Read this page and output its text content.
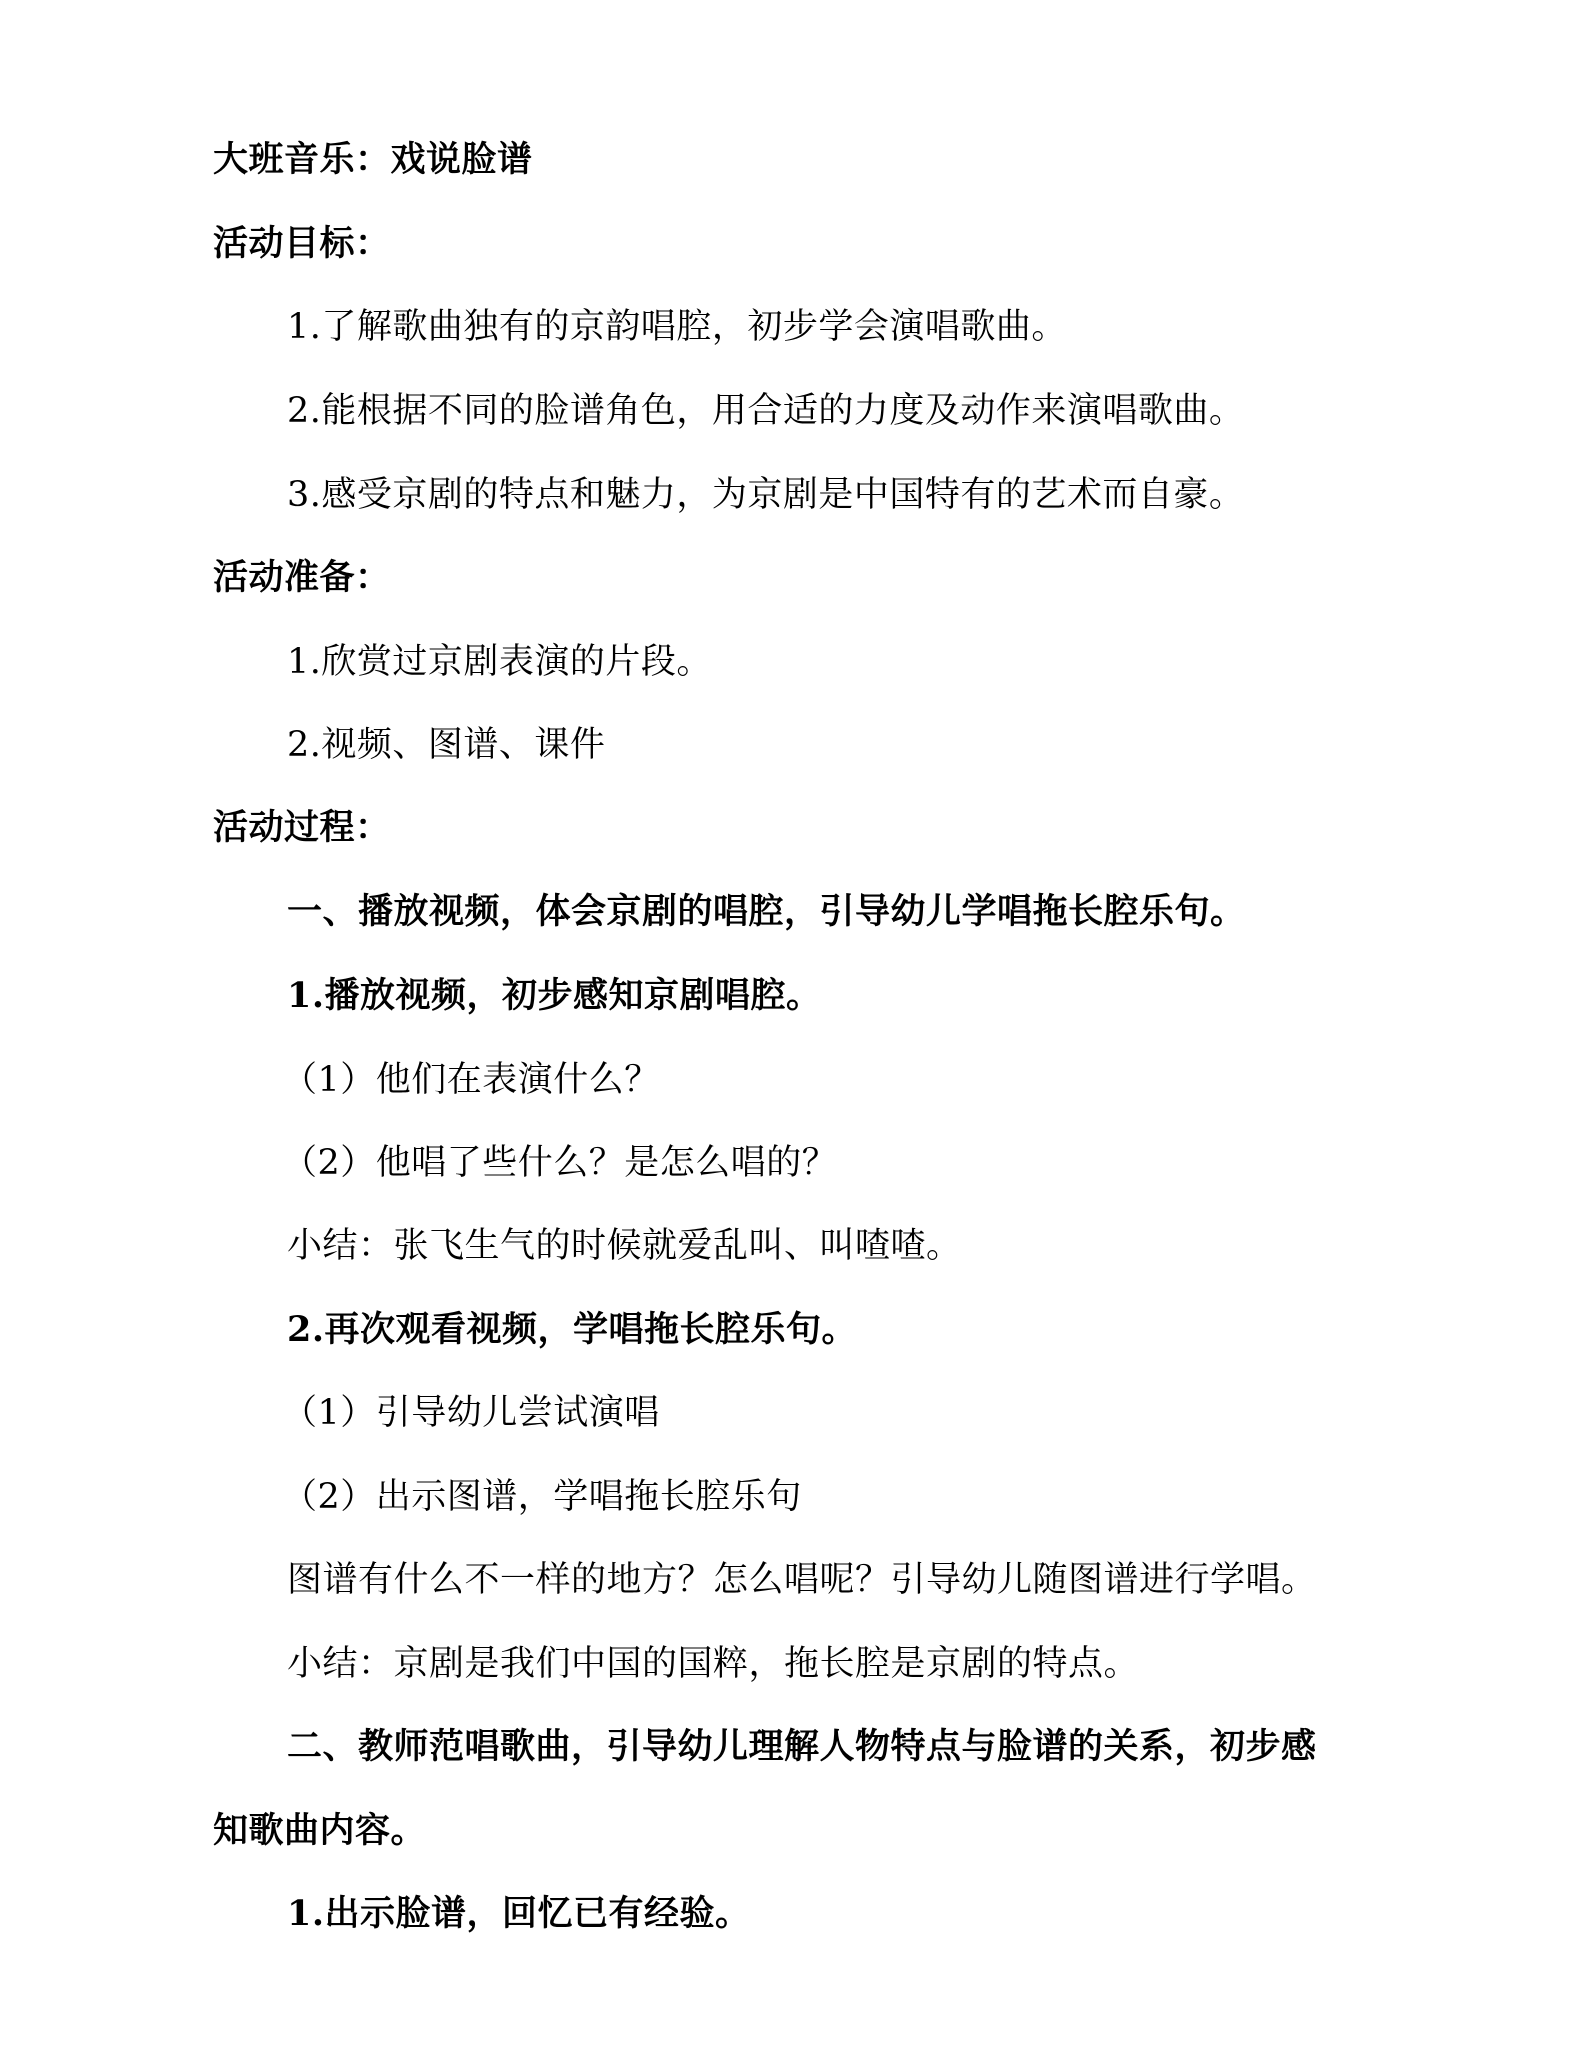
大班音乐：戏说脸谱
活动目标：
1.了解歌曲独有的京韵唱腔，初步学会演唱歌曲。
2.能根据不同的脸谱角色，用合适的力度及动作来演唱歌曲。
3.感受京剧的特点和魅力，为京剧是中国特有的艺术而自豪。
活动准备：
1.欣赏过京剧表演的片段。
2.视频、图谱、课件
活动过程：
一、播放视频，体会京剧的唱腔，引导幼儿学唱拖长腔乐句。
1.播放视频，初步感知京剧唱腔。
（1）他们在表演什么？
（2）他唱了些什么？是怎么唱的？
小结：张飞生气的时候就爱乱叫、叫喳喳。
2.再次观看视频，学唱拖长腔乐句。
（1）引导幼儿尝试演唱
（2）出示图谱，学唱拖长腔乐句
图谱有什么不一样的地方？怎么唱呢？引导幼儿随图谱进行学唱。
小结：京剧是我们中国的国粹，拖长腔是京剧的特点。
二、教师范唱歌曲，引导幼儿理解人物特点与脸谱的关系，初步感
知歌曲内容。
1.出示脸谱，回忆已有经验。
